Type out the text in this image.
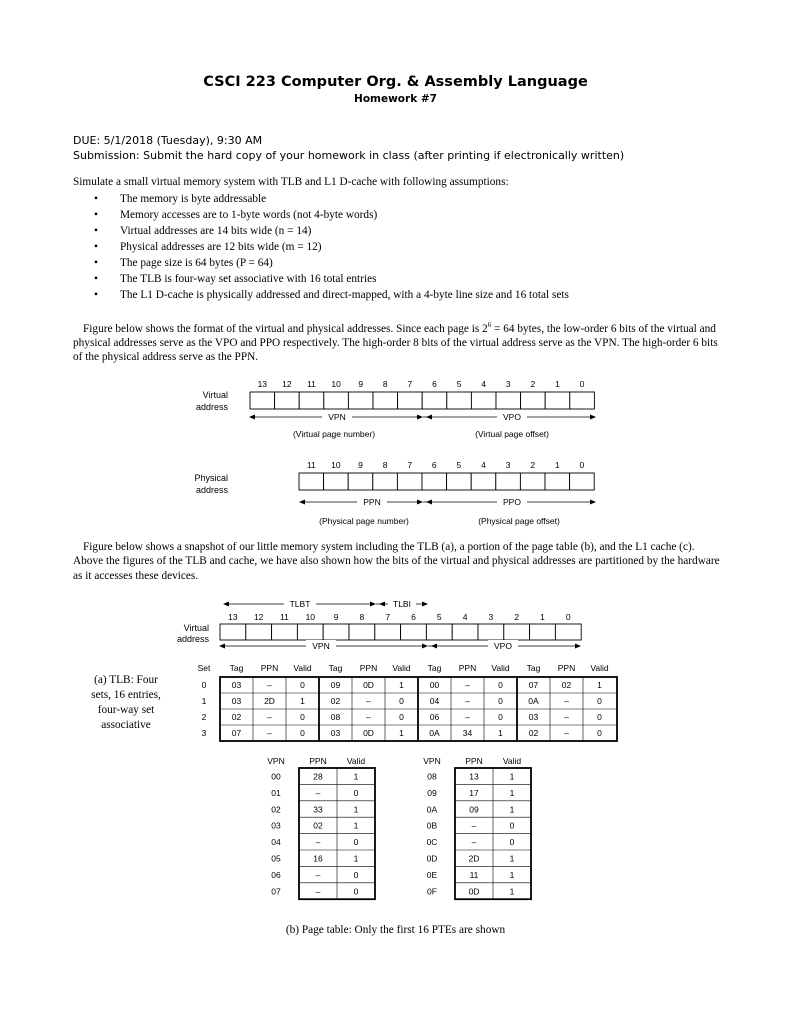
CSCI 223 Computer Org. & Assembly Language
Homework #7
DUE: 5/1/2018 (Tuesday), 9:30 AM
Submission: Submit the hard copy of your homework in class (after printing if electronically written)
Simulate a small virtual memory system with TLB and L1 D-cache with following assumptions:
• The memory is byte addressable
• Memory accesses are to 1-byte words (not 4-byte words)
• Virtual addresses are 14 bits wide (n = 14)
• Physical addresses are 12 bits wide (m = 12)
• The page size is 64 bytes (P = 64)
• The TLB is four-way set associative with 16 total entries
• The L1 D-cache is physically addressed and direct-mapped, with a 4-byte line size and 16 total sets
Figure below shows the format of the virtual and physical addresses. Since each page is $2^6 = 64$ bytes, the low-order 6 bits of the virtual and physical addresses serve as the VPO and PPO respectively. The high-order 8 bits of the virtual address serve as the VPN. The high-order 6 bits of the physical address serve as the PPN.
Virtual
address
13 12 11 10 9 8 7 6 5 4 3 2 1 0
VPN	VPO
(Virtual page number)	(Virtual page offset)
Physical
address
11 10 9 8 7 6 5 4 3 2 1 0
PPN	PPO
(Physical page number)	(Physical page offset)
Figure below shows a snapshot of our little memory system including the TLB (a), a portion of the page table (b), and the L1 cache (c). Above the figures of the TLB and cache, we have also shown how the bits of the virtual and physical addresses are partitioned by the hardware as it accesses these devices.
TLBT	TLBI
Virtual
address
13 12 11 10 9 8 7 6 5 4 3 2 1 0
VPN	VPO
(a) TLB: Four
sets, 16 entries,
four-way set
associative
Set Tag PPN Valid Tag PPN Valid Tag PPN Valid Tag PPN Valid
0	03	–	0	09	0D	1	00	–	0	07	02	1
1	03	2D	1	02	–	0	04	–	0	0A	–	0
2	02	–	0	08	–	0	06	–	0	03	–	0
3	07	–	0	03	0D	1	0A	34	1	02	–	0
VPN	PPN Valid
00	28	1
01	–	0
02	33	1
03	02	1
04	–	0
05	16	1
06	–	0
07	–	0
VPN	PPN Valid
08	13	1
09	17	1
0A	09	1
0B	–	0
0C	–	0
0D	2D	1
0E	11	1
0F	0D	1
(b) Page table: Only the first 16 PTEs are shown
